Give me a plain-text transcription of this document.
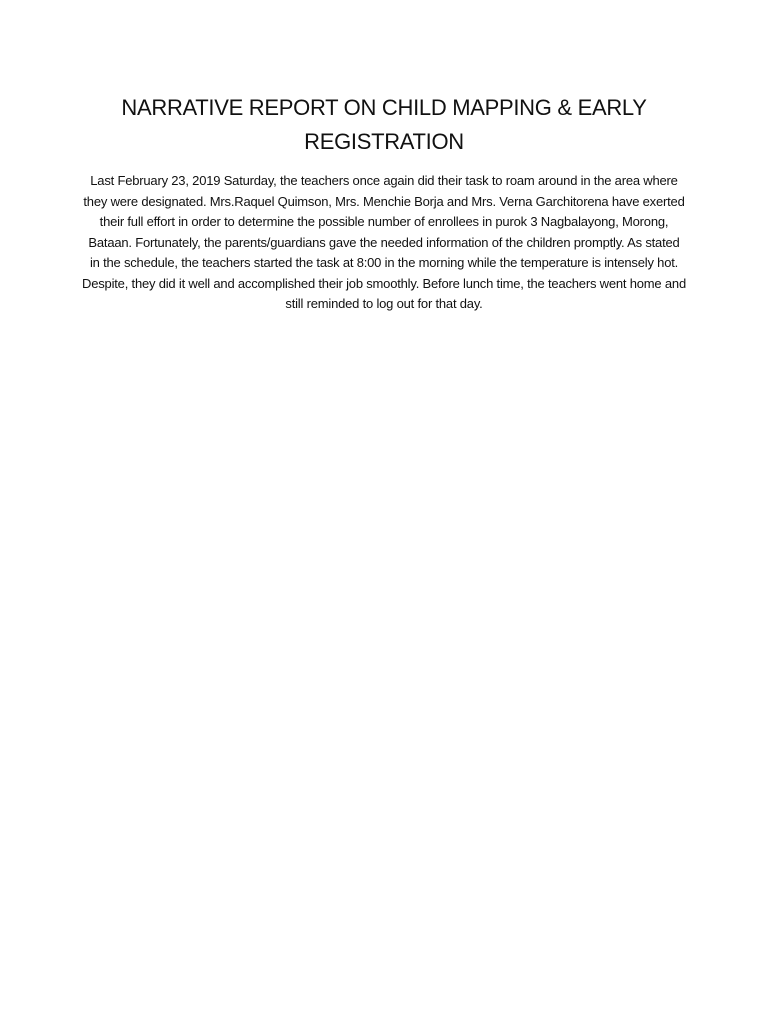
NARRATIVE REPORT ON CHILD MAPPING & EARLY REGISTRATION

Last February 23, 2019 Saturday, the teachers once again did their task to roam around in the area where they were designated. Mrs.Raquel Quimson, Mrs. Menchie Borja and Mrs. Verna Garchitorena have exerted their full effort in order to determine the possible number of enrollees in purok 3 Nagbalayong, Morong, Bataan. Fortunately, the parents/guardians gave the needed information of the children promptly. As stated in the schedule, the teachers started the task at 8:00 in the morning while the temperature is intensely hot. Despite, they did it well and accomplished their job smoothly. Before lunch time, the teachers went home and still reminded to log out for that day.
